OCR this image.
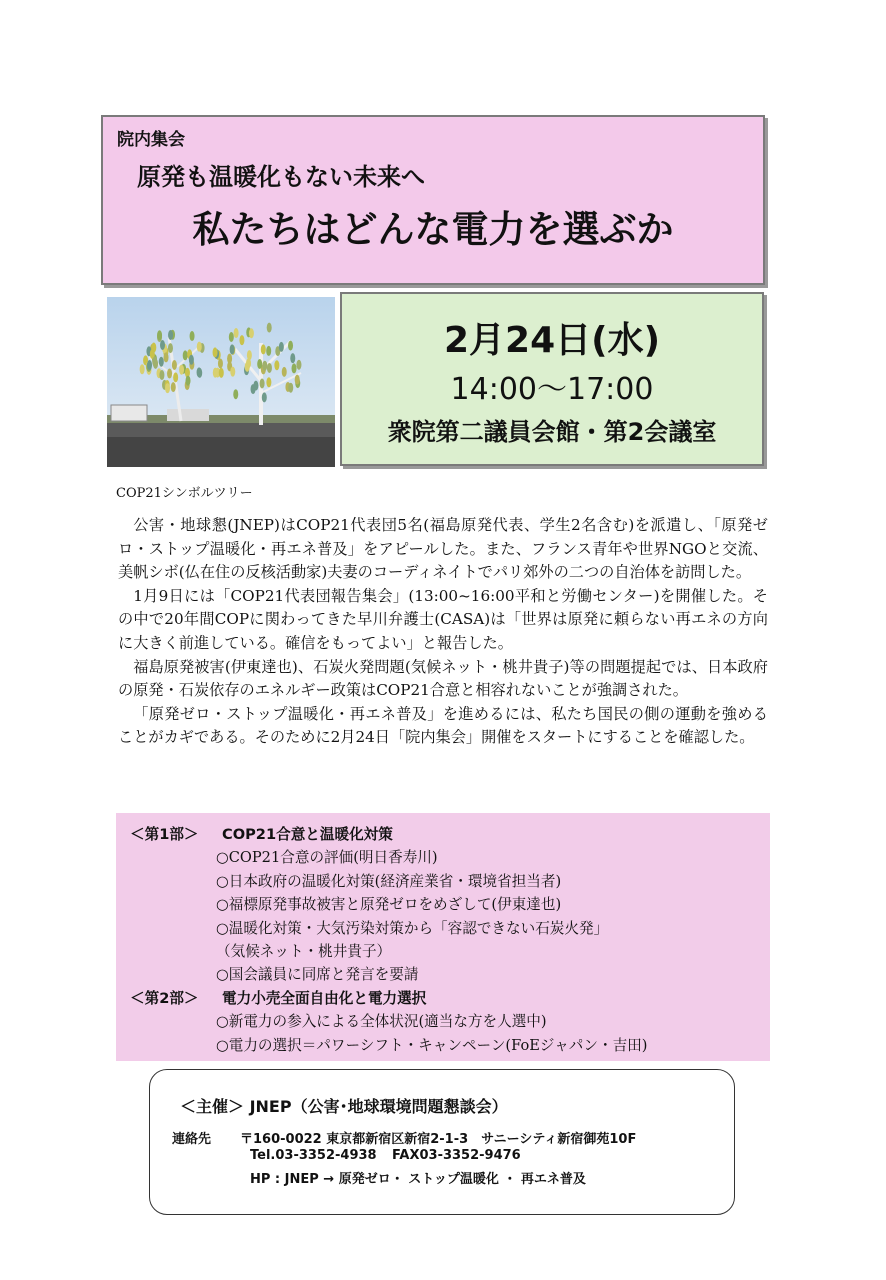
院内集会
原発も温暖化もない未来へ
私たちはどんな電力を選ぶか
COP21シンボルツリー
2月24日(水)
14:00～17:00
衆院第二議員会館・第2会議室

公害・地球懇(JNEP)はCOP21代表団5名(福島原発代表、学生2名含む)を派遣し、「原発ゼロ・ストップ温暖化・再エネ普及」をアピールした。また、フランス青年や世界NGOと交流、美帆シボ(仏在住の反核活動家)夫妻のコーディネイトでパリ郊外の二つの自治体を訪問した。

1月9日には「COP21代表団報告集会」(13:00~16:00平和と労働センター)を開催した。その中で20年間COPに関わってきた早川弁護士(CASA)は「世界は原発に頼らない再エネの方向に大きく前進している。確信をもってよい」と報告した。

福島原発被害(伊東達也)、石炭火発問題(気候ネット・桃井貴子)等の問題提起では、日本政府の原発・石炭依存のエネルギー政策はCOP21合意と相容れないことが強調された。

「原発ゼロ・ストップ温暖化・再エネ普及」を進めるには、私たち国民の側の運動を強めることがカギである。そのために2月24日「院内集会」開催をスタートにすることを確認した。

＜第1部＞ COP21合意と温暖化対策
○COP21合意の評価(明日香寿川)
○日本政府の温暖化対策(経済産業省・環境省担当者)
○福標原発事故被害と原発ゼロをめざして(伊東達也)
○温暖化対策・大気汚染対策から「容認できない石炭火発」
（気候ネット・桃井貴子）
○国会議員に同席と発言を要請
＜第2部＞ 電力小売全面自由化と電力選択
○新電力の参入による全体状況(適当な方を人選中)
○電力の選択＝パワーシフト・キャンペーン(FoEジャパン・吉田)
＜主催＞ JNEP（公害･地球環境問題懇談会）
連絡先 〒160-0022 東京都新宿区新宿2-1-3　サニーシティ新宿御苑10F
Tel.03-3352-4938 FAX03-3352-9476
HP : JNEP → 原発ゼロ・ ストップ温暖化 ・ 再エネ普及
